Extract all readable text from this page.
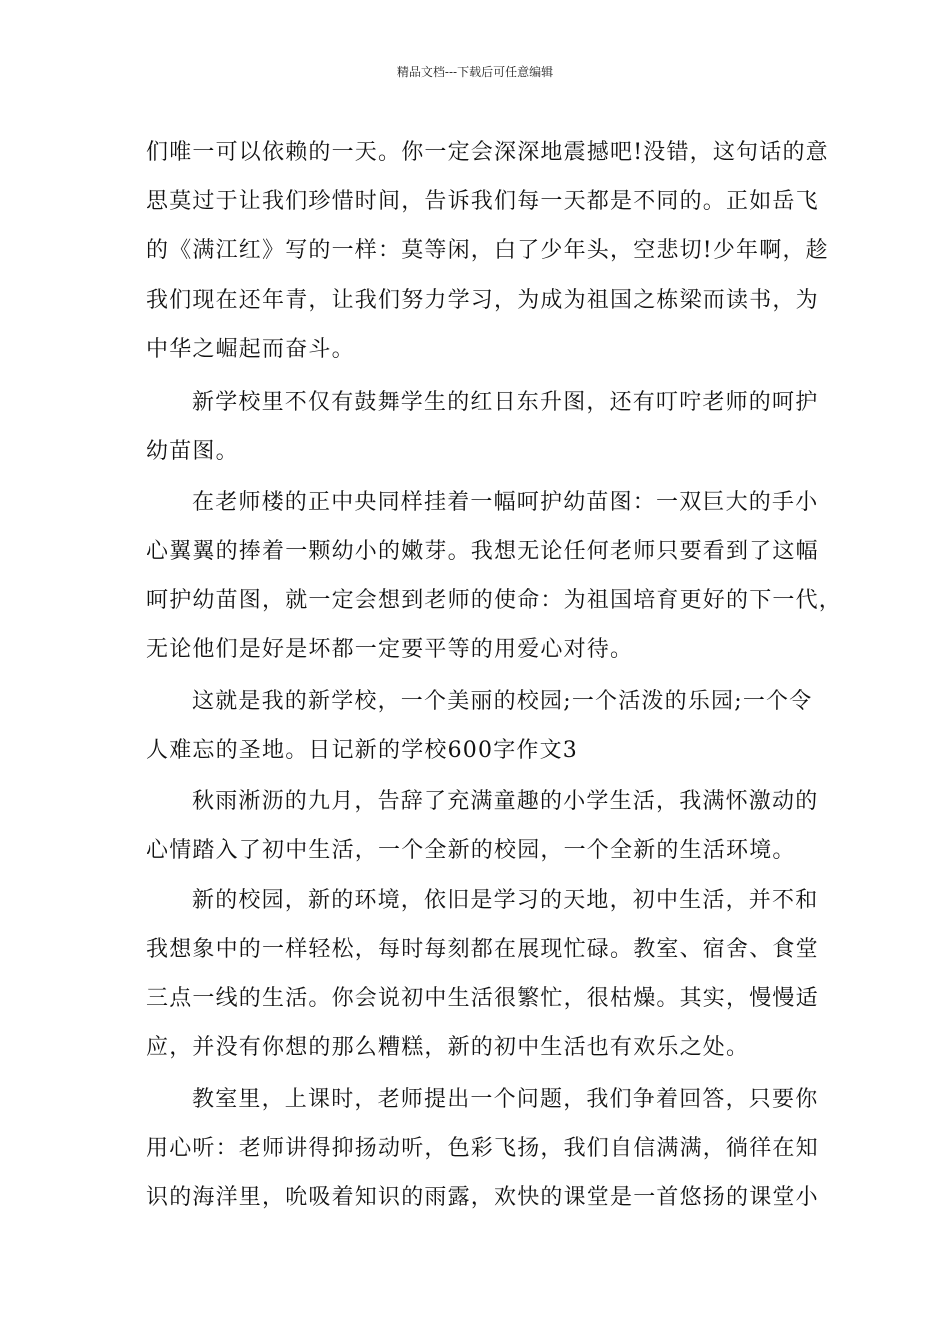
精品文档---下载后可任意编辑
们唯一可以依赖的一天。你一定会深深地震撼吧!没错，这句话的意
思莫过于让我们珍惜时间，告诉我们每一天都是不同的。正如岳飞
的《满江红》写的一样：莫等闲，白了少年头，空悲切!少年啊，趁
我们现在还年青，让我们努力学习，为成为祖国之栋梁而读书，为
中华之崛起而奋斗。
新学校里不仅有鼓舞学生的红日东升图，还有叮咛老师的呵护
幼苗图。
在老师楼的正中央同样挂着一幅呵护幼苗图：一双巨大的手小
心翼翼的捧着一颗幼小的嫩芽。我想无论任何老师只要看到了这幅
呵护幼苗图，就一定会想到老师的使命：为祖国培育更好的下一代，
无论他们是好是坏都一定要平等的用爱心对待。
这就是我的新学校，一个美丽的校园;一个活泼的乐园;一个令
人难忘的圣地。日记新的学校600字作文3
秋雨淅沥的九月，告辞了充满童趣的小学生活，我满怀激动的
心情踏入了初中生活，一个全新的校园，一个全新的生活环境。
新的校园，新的环境，依旧是学习的天地，初中生活，并不和
我想象中的一样轻松，每时每刻都在展现忙碌。教室、宿舍、食堂
三点一线的生活。你会说初中生活很繁忙，很枯燥。其实，慢慢适
应，并没有你想的那么糟糕，新的初中生活也有欢乐之处。
教室里，上课时，老师提出一个问题，我们争着回答，只要你
用心听：老师讲得抑扬动听，色彩飞扬，我们自信满满，徜徉在知
识的海洋里，吮吸着知识的雨露，欢快的课堂是一首悠扬的课堂小
